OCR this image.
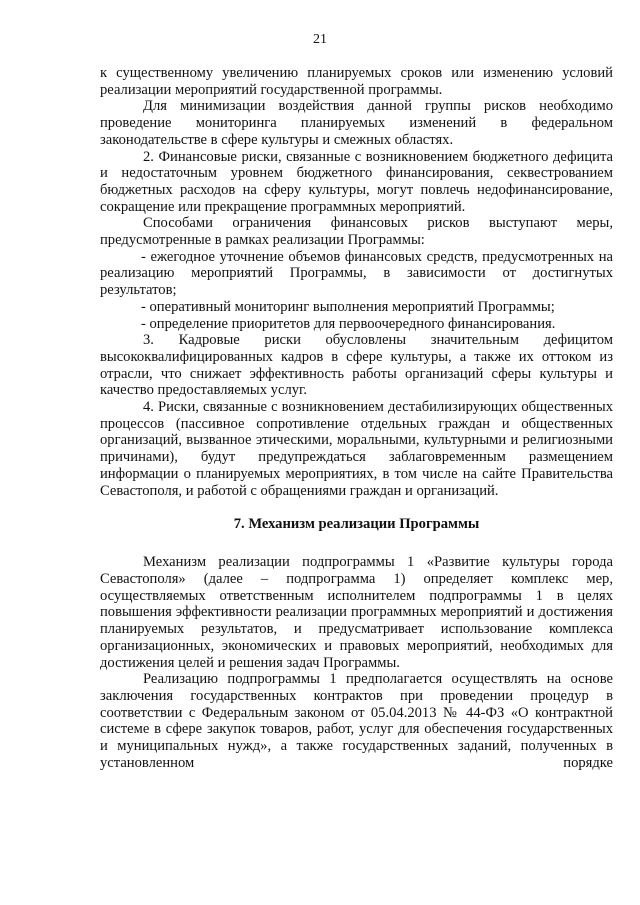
21

к существенному увеличению планируемых сроков или изменению условий реализации мероприятий государственной программы.

Для минимизации воздействия данной группы рисков необходимо проведение мониторинга планируемых изменений в федеральном законодательстве в сфере культуры и смежных областях.

2. Финансовые риски, связанные с возникновением бюджетного дефицита и недостаточным уровнем бюджетного финансирования, секвестрованием бюджетных расходов на сферу культуры, могут повлечь недофинансирование, сокращение или прекращение программных мероприятий.

Способами ограничения финансовых рисков выступают меры, предусмотренные в рамках реализации Программы:

- ежегодное уточнение объемов финансовых средств, предусмотренных на реализацию мероприятий Программы, в зависимости от достигнутых результатов;

- оперативный мониторинг выполнения мероприятий Программы;

- определение приоритетов для первоочередного финансирования.

3. Кадровые риски обусловлены значительным дефицитом высококвалифицированных кадров в сфере культуры, а также их оттоком из отрасли, что снижает эффективность работы организаций сферы культуры и качество предоставляемых услуг.

4. Риски, связанные с возникновением дестабилизирующих общественных процессов (пассивное сопротивление отдельных граждан и общественных организаций, вызванное этическими, моральными, культурными и религиозными причинами), будут предупреждаться заблаговременным размещением информации о планируемых мероприятиях, в том числе на сайте Правительства Севастополя, и работой с обращениями граждан и организаций.

7. Механизм реализации Программы

Механизм реализации подпрограммы 1 «Развитие культуры города Севастополя» (далее – подпрограмма 1) определяет комплекс мер, осуществляемых ответственным исполнителем подпрограммы 1 в целях повышения эффективности реализации программных мероприятий и достижения планируемых результатов, и предусматривает использование комплекса организационных, экономических и правовых мероприятий, необходимых для достижения целей и решения задач Программы.

Реализацию подпрограммы 1 предполагается осуществлять на основе заключения государственных контрактов при проведении процедур в соответствии с Федеральным законом от 05.04.2013 № 44-ФЗ «О контрактной системе в сфере закупок товаров, работ, услуг для обеспечения государственных и муниципальных нужд», а также государственных заданий, полученных в установленном порядке
